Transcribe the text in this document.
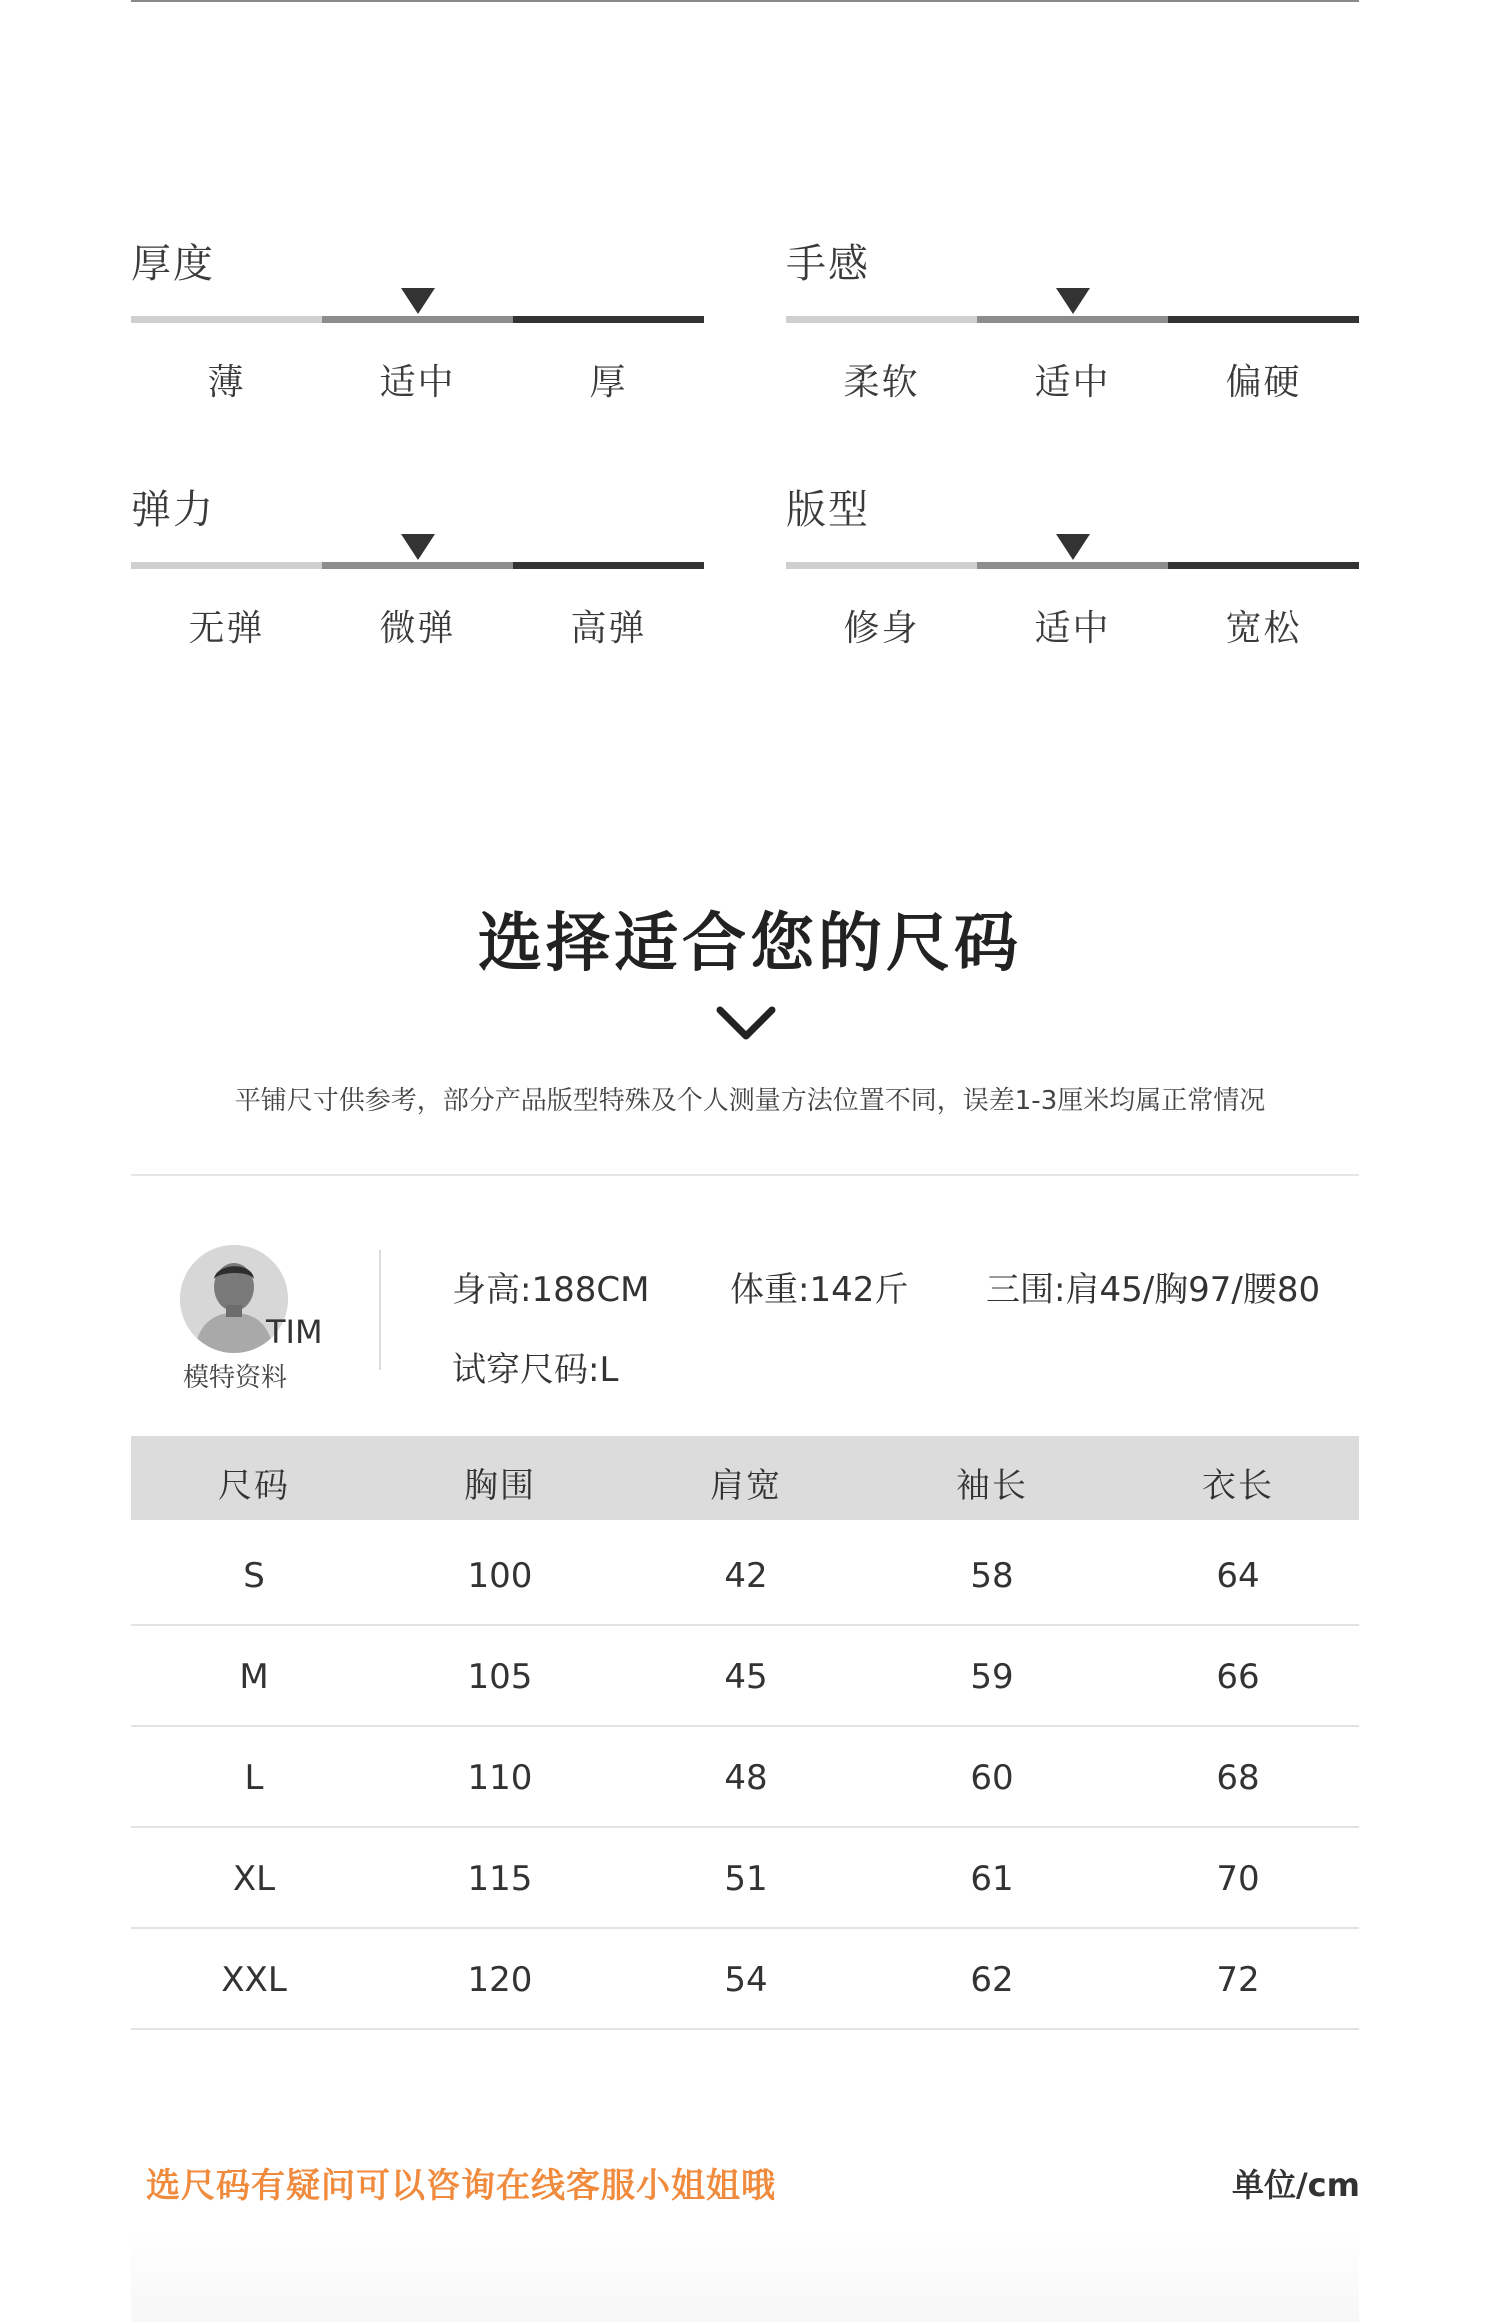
厚度
薄	适中	厚
手感
柔软	适中	偏硬
弹力
无弹	微弹	高弹
版型
修身	适中	宽松
选择适合您的尺码
平铺尺寸供参考，部分产品版型特殊及个人测量方法位置不同，误差1-3厘米均属正常情况
TIM
模特资料
身高:188CM 体重:142斤 三围:肩45/胸97/腰80
试穿尺码:L
尺码	胸围	肩宽	袖长	衣长
S	100	42	58	64
M	105	45	59	66
L	110	48	60	68
XL	115	51	61	70
XXL	120	54	62	72
选尺码有疑问可以咨询在线客服小姐姐哦	单位/cm
